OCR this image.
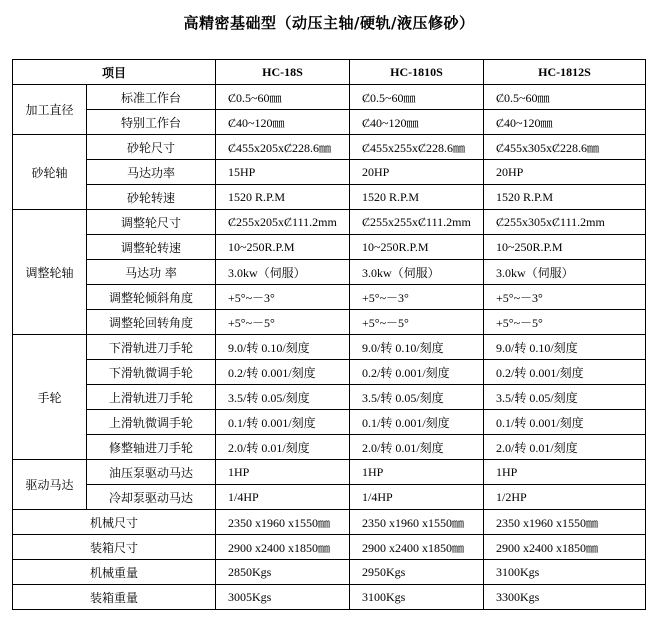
高精密基础型（动压主轴/硬轨/液压修砂）
项目		HC-18S	HC-1810S	HC-1812S
加工直径	标准工作台	Ȼ0.5~60㎜	Ȼ0.5~60㎜	Ȼ0.5~60㎜
	特别工作台	Ȼ40~120㎜	Ȼ40~120㎜	Ȼ40~120㎜
砂轮轴	砂轮尺寸	Ȼ455x205xȻ228.6㎜	Ȼ455x255xȻ228.6㎜	Ȼ455x305xȻ228.6㎜
	马达功率	15HP	20HP	20HP
	砂轮转速	1520 R.P.M	1520 R.P.M	1520 R.P.M
调整轮轴	调整轮尺寸	Ȼ255x205xȻ111.2mm	Ȼ255x255xȻ111.2mm	Ȼ255x305xȻ111.2mm
	调整轮转速	10~250R.P.M	10~250R.P.M	10~250R.P.M
	马达功 率	3.0kw（伺服）	3.0kw（伺服）	3.0kw（伺服）
	调整轮倾斜角度	+5°~－3°	+5°~－3°	+5°~－3°
	调整轮回转角度	+5°~－5°	+5°~－5°	+5°~－5°
手轮	下滑轨进刀手轮	9.0/转 0.10/刻度	9.0/转 0.10/刻度	9.0/转 0.10/刻度
	下滑轨微调手轮	0.2/转 0.001/刻度	0.2/转 0.001/刻度	0.2/转 0.001/刻度
	上滑轨进刀手轮	3.5/转 0.05/刻度	3.5/转 0.05/刻度	3.5/转 0.05/刻度
	上滑轨微调手轮	0.1/转 0.001/刻度	0.1/转 0.001/刻度	0.1/转 0.001/刻度
	修整轴进刀手轮	2.0/转 0.01/刻度	2.0/转 0.01/刻度	2.0/转 0.01/刻度
驱动马达	油压泵驱动马达	1HP	1HP	1HP
	冷却泵驱动马达	1/4HP	1/4HP	1/2HP
机械尺寸		2350 x1960 x1550㎜	2350 x1960 x1550㎜	2350 x1960 x1550㎜
装箱尺寸		2900 x2400 x1850㎜	2900 x2400 x1850㎜	2900 x2400 x1850㎜
机械重量		2850Kgs	2950Kgs	3100Kgs
装箱重量		3005Kgs	3100Kgs	3300Kgs
